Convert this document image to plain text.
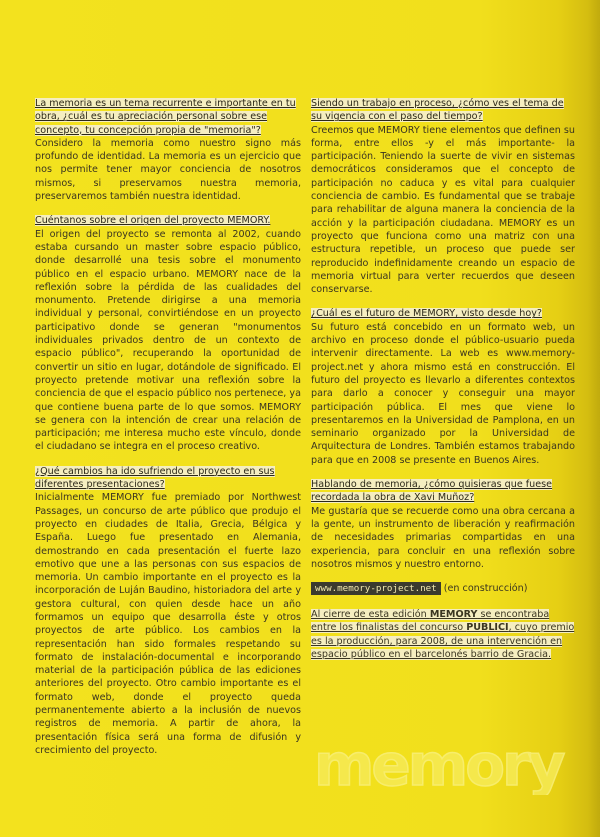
La memoria es un tema recurrente e importante en tu obra, ¿cuál es tu apreciación personal sobre ese concepto, tu concepción propia de "memoria"?

Considero la memoria como nuestro signo más profundo de identidad. La memoria es un ejercicio que nos permite tener mayor conciencia de nosotros mismos, si preservamos nuestra memoria, preservaremos también nuestra identidad.

Cuéntanos sobre el origen del proyecto MEMORY.

El origen del proyecto se remonta al 2002, cuando estaba cursando un master sobre espacio público, donde desarrollé una tesis sobre el monumento público en el espacio urbano. MEMORY nace de la reflexión sobre la pérdida de las cualidades del monumento. Pretende dirigirse a una memoria individual y personal, convirtiéndose en un proyecto participativo donde se generan "monumentos individuales privados dentro de un contexto de espacio público", recuperando la oportunidad de convertir un sitio en lugar, dotándole de significado. El proyecto pretende motivar una reflexión sobre la conciencia de que el espacio público nos pertenece, ya que contiene buena parte de lo que somos. MEMORY se genera con la intención de crear una relación de participación; me interesa mucho este vínculo, donde el ciudadano se integra en el proceso creativo.

¿Qué cambios ha ido sufriendo el proyecto en sus diferentes presentaciones?

Inicialmente MEMORY fue premiado por Northwest Passages, un concurso de arte público que produjo el proyecto en ciudades de Italia, Grecia, Bélgica y España. Luego fue presentado en Alemania, demostrando en cada presentación el fuerte lazo emotivo que une a las personas con sus espacios de memoria. Un cambio importante en el proyecto es la incorporación de Luján Baudino, historiadora del arte y gestora cultural, con quien desde hace un año formamos un equipo que desarrolla éste y otros proyectos de arte público. Los cambios en la representación han sido formales respetando su formato de instalación-documental e incorporando material de la participación pública de las ediciones anteriores del proyecto. Otro cambio importante es el formato web, donde el proyecto queda permanentemente abierto a la inclusión de nuevos registros de memoria. A partir de ahora, la presentación física será una forma de difusión y crecimiento del proyecto.

Siendo un trabajo en proceso, ¿cómo ves el tema de su vigencia con el paso del tiempo?

Creemos que MEMORY tiene elementos que definen su forma, entre ellos -y el más importante- la participación. Teniendo la suerte de vivir en sistemas democráticos consideramos que el concepto de participación no caduca y es vital para cualquier conciencia de cambio. Es fundamental que se trabaje para rehabilitar de alguna manera la conciencia de la acción y la participación ciudadana. MEMORY es un proyecto que funciona como una matriz con una estructura repetible, un proceso que puede ser reproducido indefinidamente creando un espacio de memoria virtual para verter recuerdos que deseen conservarse.

¿Cuál es el futuro de MEMORY, visto desde hoy?

Su futuro está concebido en un formato web, un archivo en proceso donde el público-usuario pueda intervenir directamente. La web es www.memory-project.net y ahora mismo está en construcción. El futuro del proyecto es llevarlo a diferentes contextos para darlo a conocer y conseguir una mayor participación pública. El mes que viene lo presentaremos en la Universidad de Pamplona, en un seminario organizado por la Universidad de Arquitectura de Londres. También estamos trabajando para que en 2008 se presente en Buenos Aires.

Hablando de memoria, ¿cómo quisieras que fuese recordada la obra de Xavi Muñoz?

Me gustaría que se recuerde como una obra cercana a la gente, un instrumento de liberación y reafirmación de necesidades primarias compartidas en una experiencia, para concluir en una reflexión sobre nosotros mismos y nuestro entorno.

www.memory-project.net (en construcción)
Al cierre de esta edición MEMORY se encontraba entre los finalistas del concurso PUBLICI, cuyo premio es la producción, para 2008, de una intervención en espacio público en el barcelonés barrio de Gracia.
memory
